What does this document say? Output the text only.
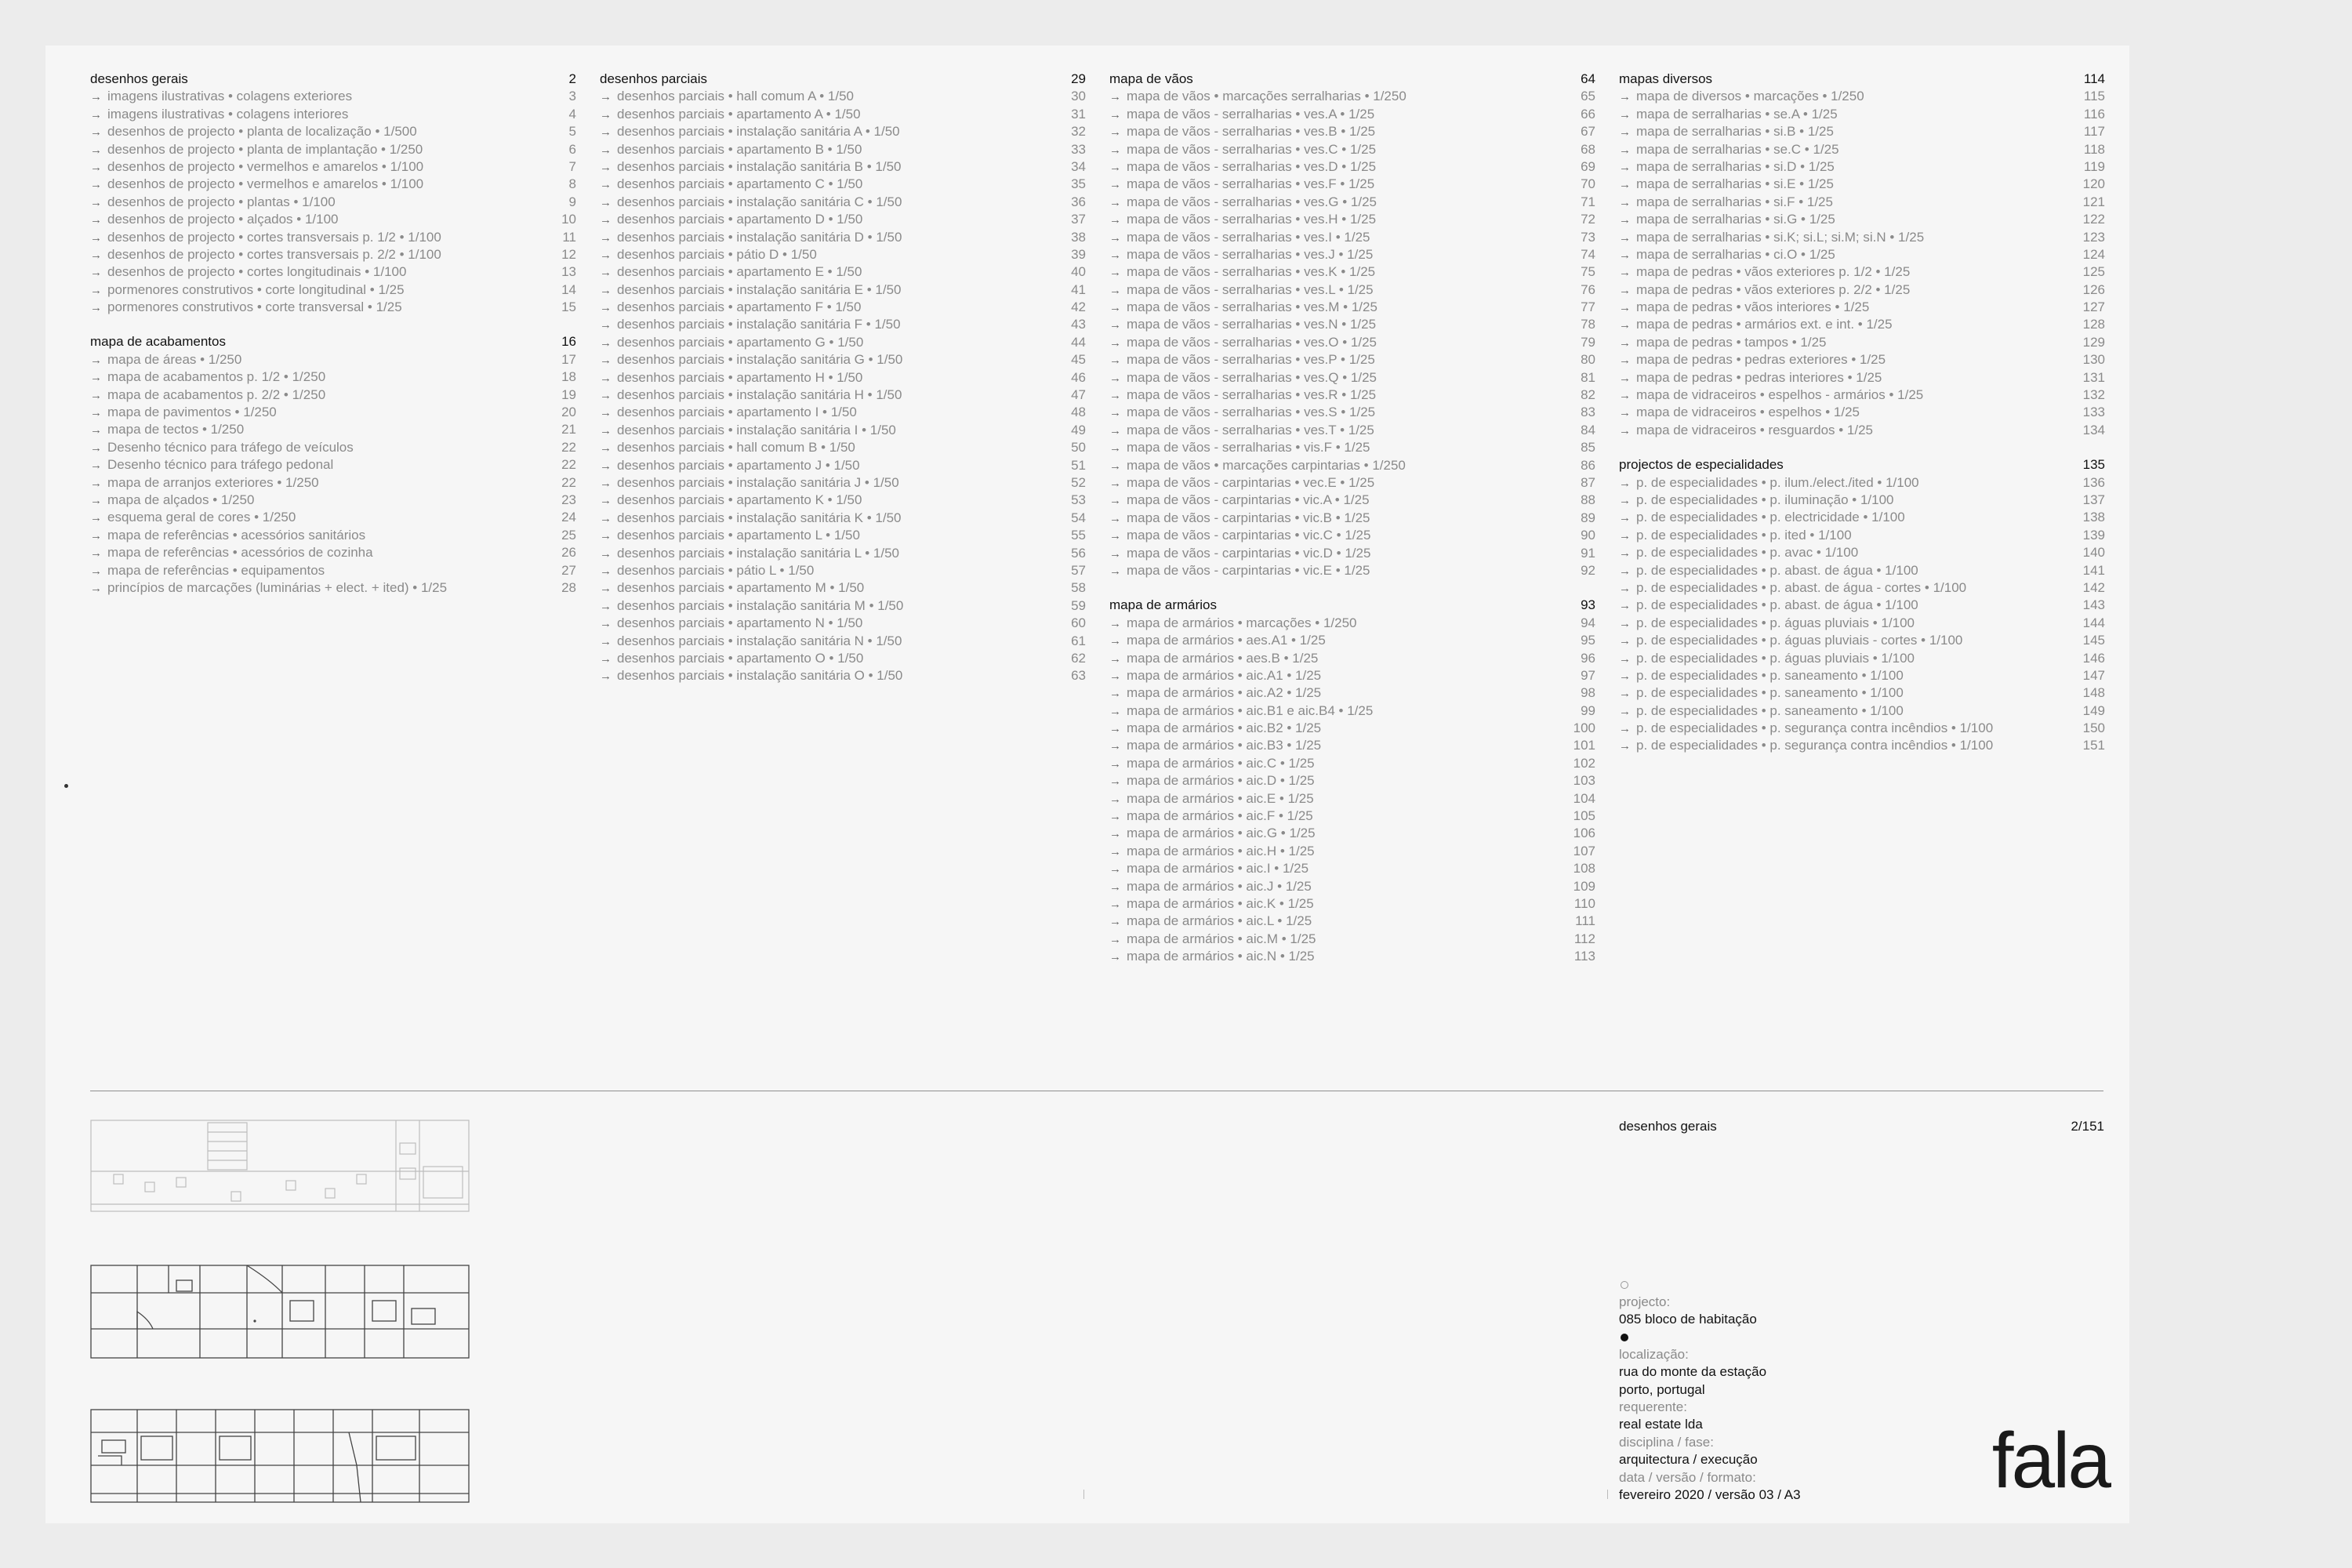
desenhos gerais	2
→ imagens ilustrativas • colagens exteriores	3
→ imagens ilustrativas • colagens interiores	4
→ desenhos de projecto • planta de localização • 1/500	5
→ desenhos de projecto • planta de implantação • 1/250	6
→ desenhos de projecto • vermelhos e amarelos • 1/100	7
→ desenhos de projecto • vermelhos e amarelos • 1/100	8
→ desenhos de projecto • plantas • 1/100	9
→ desenhos de projecto • alçados • 1/100	10
→ desenhos de projecto • cortes transversais p. 1/2 • 1/100	11
→ desenhos de projecto • cortes transversais p. 2/2 • 1/100	12
→ desenhos de projecto • cortes longitudinais • 1/100	13
→ pormenores construtivos • corte longitudinal • 1/25	14
→ pormenores construtivos • corte transversal • 1/25	15
mapa de acabamentos	16
→ mapa de áreas • 1/250	17
→ mapa de acabamentos p. 1/2 • 1/250	18
→ mapa de acabamentos p. 2/2 • 1/250	19
→ mapa de pavimentos • 1/250	20
→ mapa de tectos • 1/250	21
→ Desenho técnico para tráfego de veículos	22
→ Desenho técnico para tráfego pedonal	22
→ mapa de arranjos exteriores • 1/250	22
→ mapa de alçados • 1/250	23
→ esquema geral de cores • 1/250	24
→ mapa de referências • acessórios sanitários	25
→ mapa de referências • acessórios de cozinha	26
→ mapa de referências • equipamentos	27
→ princípios de marcações (luminárias + elect. + ited) • 1/25	28
desenhos parciais	29
→ desenhos parciais • hall comum A • 1/50	30
→ desenhos parciais • apartamento A • 1/50	31
→ desenhos parciais • instalação sanitária A • 1/50	32
→ desenhos parciais • apartamento B • 1/50	33
→ desenhos parciais • instalação sanitária B • 1/50	34
→ desenhos parciais • apartamento C • 1/50	35
→ desenhos parciais • instalação sanitária C • 1/50	36
→ desenhos parciais • apartamento D • 1/50	37
→ desenhos parciais • instalação sanitária D • 1/50	38
→ desenhos parciais • pátio D • 1/50	39
→ desenhos parciais • apartamento E • 1/50	40
→ desenhos parciais • instalação sanitária E • 1/50	41
→ desenhos parciais • apartamento F • 1/50	42
→ desenhos parciais • instalação sanitária F • 1/50	43
→ desenhos parciais • apartamento G • 1/50	44
→ desenhos parciais • instalação sanitária G • 1/50	45
→ desenhos parciais • apartamento H • 1/50	46
→ desenhos parciais • instalação sanitária H • 1/50	47
→ desenhos parciais • apartamento I • 1/50	48
→ desenhos parciais • instalação sanitária I • 1/50	49
→ desenhos parciais • hall comum B • 1/50	50
→ desenhos parciais • apartamento J • 1/50	51
→ desenhos parciais • instalação sanitária J • 1/50	52
→ desenhos parciais • apartamento K • 1/50	53
→ desenhos parciais • instalação sanitária K • 1/50	54
→ desenhos parciais • apartamento L • 1/50	55
→ desenhos parciais • instalação sanitária L • 1/50	56
→ desenhos parciais • pátio L • 1/50	57
→ desenhos parciais • apartamento M • 1/50	58
→ desenhos parciais • instalação sanitária M • 1/50	59
→ desenhos parciais • apartamento N • 1/50	60
→ desenhos parciais • instalação sanitária N • 1/50	61
→ desenhos parciais • apartamento O • 1/50	62
→ desenhos parciais • instalação sanitária O • 1/50	63
mapa de vãos	64
→ mapa de vãos • marcações serralharias • 1/250	65
→ mapa de vãos - serralharias • ves.A • 1/25	66
→ mapa de vãos - serralharias • ves.B • 1/25	67
→ mapa de vãos - serralharias • ves.C • 1/25	68
→ mapa de vãos - serralharias • ves.D • 1/25	69
→ mapa de vãos - serralharias • ves.F • 1/25	70
→ mapa de vãos - serralharias • ves.G • 1/25	71
→ mapa de vãos - serralharias • ves.H • 1/25	72
→ mapa de vãos - serralharias • ves.I • 1/25	73
→ mapa de vãos - serralharias • ves.J • 1/25	74
→ mapa de vãos - serralharias • ves.K • 1/25	75
→ mapa de vãos - serralharias • ves.L • 1/25	76
→ mapa de vãos - serralharias • ves.M • 1/25	77
→ mapa de vãos - serralharias • ves.N • 1/25	78
→ mapa de vãos - serralharias • ves.O • 1/25	79
→ mapa de vãos - serralharias • ves.P • 1/25	80
→ mapa de vãos - serralharias • ves.Q • 1/25	81
→ mapa de vãos - serralharias • ves.R • 1/25	82
→ mapa de vãos - serralharias • ves.S • 1/25	83
→ mapa de vãos - serralharias • ves.T • 1/25	84
→ mapa de vãos - serralharias • vis.F • 1/25	85
→ mapa de vãos • marcações carpintarias • 1/250	86
→ mapa de vãos - carpintarias • vec.E • 1/25	87
→ mapa de vãos - carpintarias • vic.A • 1/25	88
→ mapa de vãos - carpintarias • vic.B • 1/25	89
→ mapa de vãos - carpintarias • vic.C • 1/25	90
→ mapa de vãos - carpintarias • vic.D • 1/25	91
→ mapa de vãos - carpintarias • vic.E • 1/25	92
mapa de armários	93
→ mapa de armários • marcações • 1/250	94
→ mapa de armários • aes.A1 • 1/25	95
→ mapa de armários • aes.B • 1/25	96
→ mapa de armários • aic.A1 • 1/25	97
→ mapa de armários • aic.A2 • 1/25	98
→ mapa de armários • aic.B1 e aic.B4 • 1/25	99
→ mapa de armários • aic.B2 • 1/25	100
→ mapa de armários • aic.B3 • 1/25	101
→ mapa de armários • aic.C • 1/25	102
→ mapa de armários • aic.D • 1/25	103
→ mapa de armários • aic.E • 1/25	104
→ mapa de armários • aic.F • 1/25	105
→ mapa de armários • aic.G • 1/25	106
→ mapa de armários • aic.H • 1/25	107
→ mapa de armários • aic.I • 1/25	108
→ mapa de armários • aic.J • 1/25	109
→ mapa de armários • aic.K • 1/25	110
→ mapa de armários • aic.L • 1/25	111
→ mapa de armários • aic.M • 1/25	112
→ mapa de armários • aic.N • 1/25	113
mapas diversos	114
→ mapa de diversos • marcações • 1/250	115
→ mapa de serralharias • se.A • 1/25	116
→ mapa de serralharias • si.B • 1/25	117
→ mapa de serralharias • se.C • 1/25	118
→ mapa de serralharias • si.D • 1/25	119
→ mapa de serralharias • si.E • 1/25	120
→ mapa de serralharias • si.F • 1/25	121
→ mapa de serralharias • si.G • 1/25	122
→ mapa de serralharias • si.K; si.L; si.M; si.N • 1/25	123
→ mapa de serralharias • ci.O • 1/25	124
→ mapa de pedras • vãos exteriores p. 1/2 • 1/25	125
→ mapa de pedras • vãos exteriores p. 2/2 • 1/25	126
→ mapa de pedras • vãos interiores • 1/25	127
→ mapa de pedras • armários ext. e int. • 1/25	128
→ mapa de pedras • tampos • 1/25	129
→ mapa de pedras • pedras exteriores • 1/25	130
→ mapa de pedras • pedras interiores • 1/25	131
→ mapa de vidraceiros • espelhos - armários • 1/25	132
→ mapa de vidraceiros • espelhos • 1/25	133
→ mapa de vidraceiros • resguardos • 1/25	134
projectos de especialidades	135
→ p. de especialidades • p. ilum./elect./ited • 1/100	136
→ p. de especialidades • p. iluminação • 1/100	137
→ p. de especialidades • p. electricidade • 1/100	138
→ p. de especialidades • p. ited • 1/100	139
→ p. de especialidades • p. avac • 1/100	140
→ p. de especialidades • p. abast. de água • 1/100	141
→ p. de especialidades • p. abast. de água - cortes • 1/100	142
→ p. de especialidades • p. abast. de água • 1/100	143
→ p. de especialidades • p. águas pluviais • 1/100	144
→ p. de especialidades • p. águas pluviais - cortes • 1/100	145
→ p. de especialidades • p. águas pluviais • 1/100	146
→ p. de especialidades • p. saneamento • 1/100	147
→ p. de especialidades • p. saneamento • 1/100	148
→ p. de especialidades • p. saneamento • 1/100	149
→ p. de especialidades • p. segurança contra incêndios • 1/100	150
→ p. de especialidades • p. segurança contra incêndios • 1/100	151
desenhos gerais	2/151
projecto:
085 bloco de habitação
localização:
rua do monte da estação
porto, portugal
requerente:
real estate lda
disciplina / fase:
arquitectura / execução
data / versão / formato:
fevereiro 2020 / versão 03 / A3	fala
